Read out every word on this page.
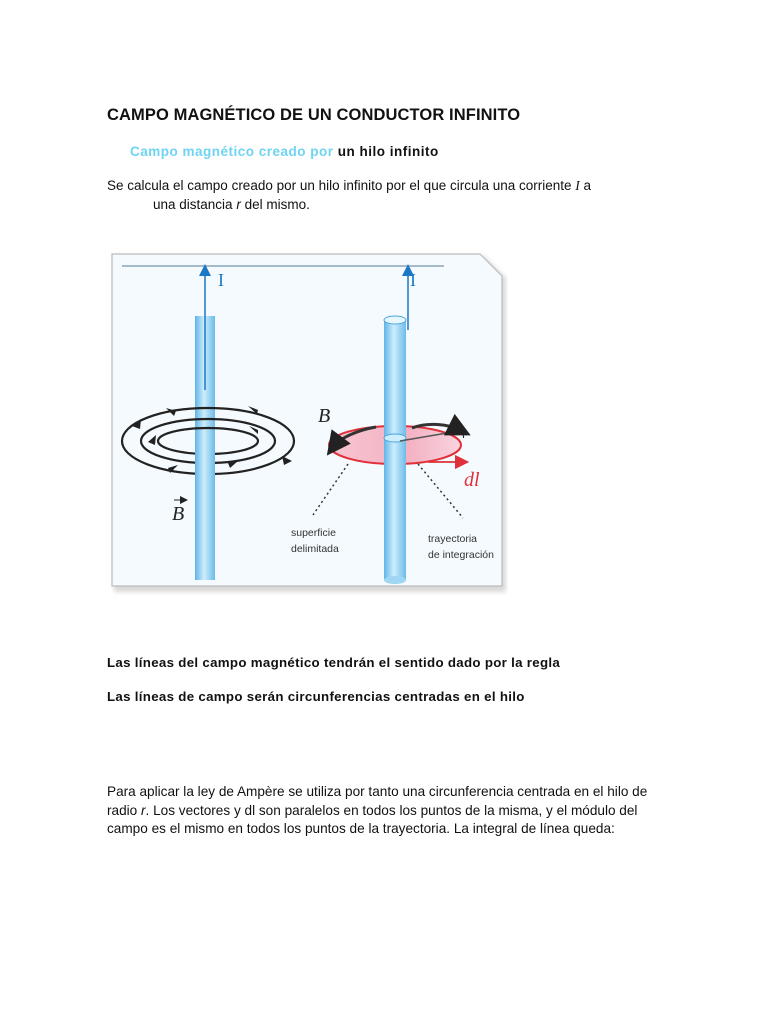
CAMPO MAGNÉTICO DE UN CONDUCTOR INFINITO
Campo magnético creado por un hilo infinito
Se calcula el campo creado por un hilo infinito por el que circula una corriente I a
una distancia r del mismo.
I
B
I
r
B
dl
superficie
delimitada
trayectoria
de integración
Las líneas del campo magnético tendrán el sentido dado por la regla
Las líneas de campo serán circunferencias centradas en el hilo
Para aplicar la ley de Ampère se utiliza por tanto una circunferencia centrada en el hilo de radio r. Los vectores y dl son paralelos en todos los puntos de la misma, y el módulo del campo es el mismo en todos los puntos de la trayectoria. La integral de línea queda:
